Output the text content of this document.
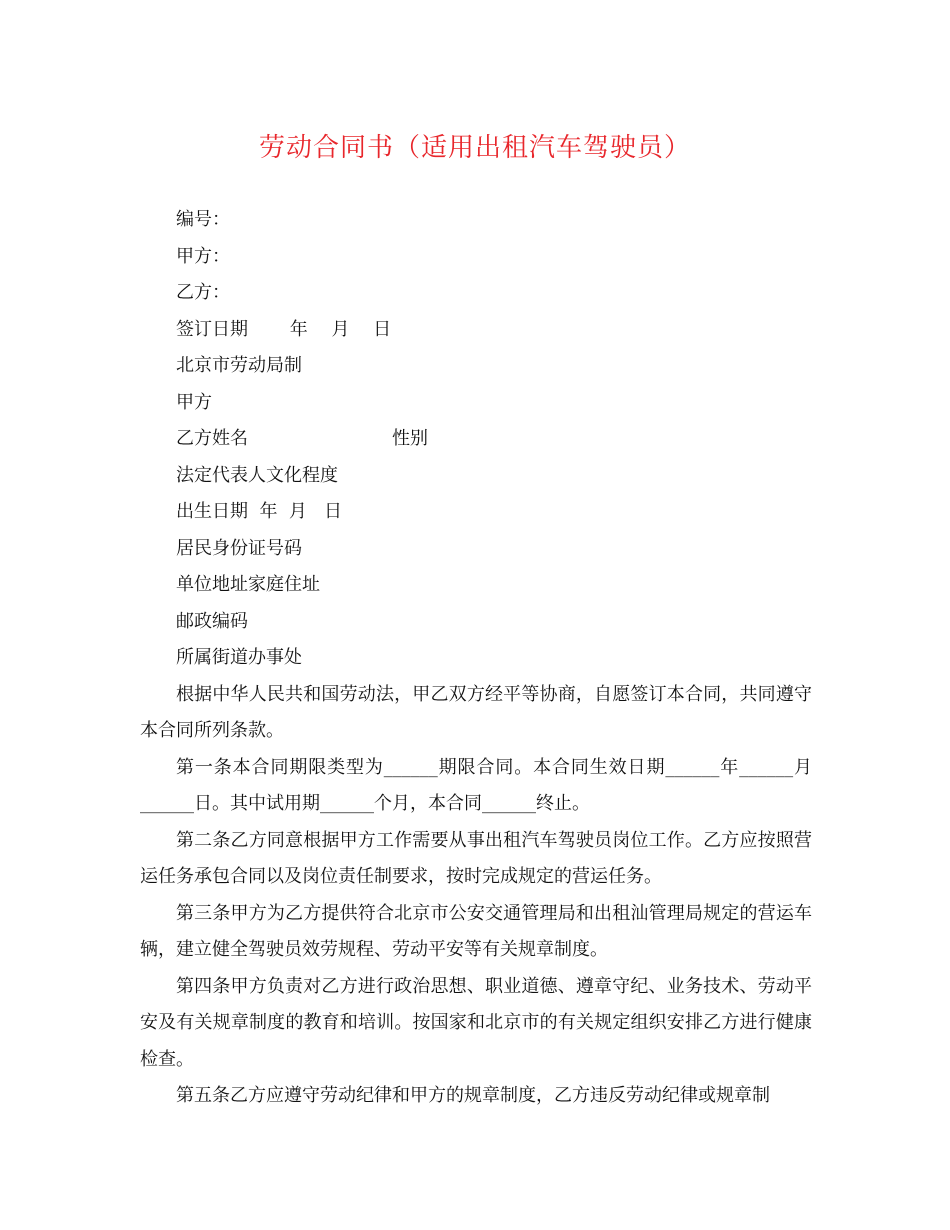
劳动合同书（适用出租汽车驾驶员）
编号：
甲方：
乙方：
签订日期　　 年　 月　 日
北京市劳动局制
甲方
乙方姓名　　　　　　　　性别
法定代表人文化程度
出生日期  年  月   日
居民身份证号码
单位地址家庭住址
邮政编码
所属街道办事处

根据中华人民共和国劳动法，甲乙双方经平等协商，自愿签订本合同，共同遵守本合同所列条款。

第一条本合同期限类型为______期限合同。本合同生效日期______年______月______日。其中试用期______个月，本合同______终止。

第二条乙方同意根据甲方工作需要从事出租汽车驾驶员岗位工作。乙方应按照营运任务承包合同以及岗位责任制要求，按时完成规定的营运任务。

第三条甲方为乙方提供符合北京市公安交通管理局和出租汕管理局规定的营运车辆，建立健全驾驶员效劳规程、劳动平安等有关规章制度。

第四条甲方负责对乙方进行政治思想、职业道德、遵章守纪、业务技术、劳动平安及有关规章制度的教育和培训。按国家和北京市的有关规定组织安排乙方进行健康检查。

第五条乙方应遵守劳动纪律和甲方的规章制度，乙方违反劳动纪律或规章制
